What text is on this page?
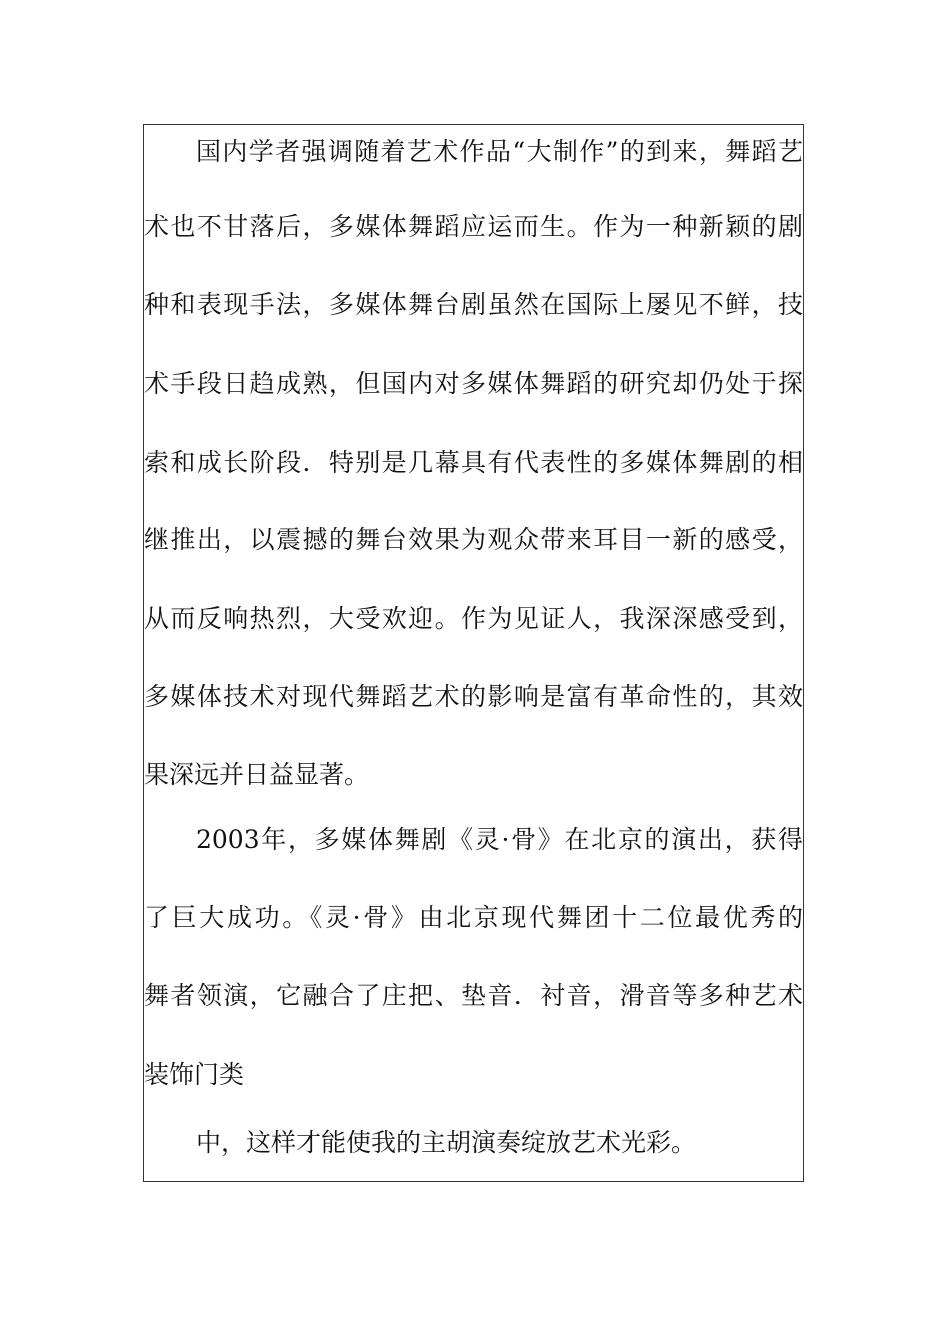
国内学者强调随着艺术作品“大制作”的到来，舞蹈艺
术也不甘落后，多媒体舞蹈应运而生。作为一种新颖的剧
种和表现手法，多媒体舞台剧虽然在国际上屡见不鲜，技
术手段日趋成熟，但国内对多媒体舞蹈的研究却仍处于探
索和成长阶段．特别是几幕具有代表性的多媒体舞剧的相
继推出，以震撼的舞台效果为观众带来耳目一新的感受，
从而反响热烈，大受欢迎。作为见证人，我深深感受到，
多媒体技术对现代舞蹈艺术的影响是富有革命性的，其效
果深远并日益显著。
2003年，多媒体舞剧《灵·骨》在北京的演出，获得
了巨大成功。《灵·骨》由北京现代舞团十二位最优秀的
舞者领演，它融合了庄把、垫音．衬音，滑音等多种艺术
装饰门类
中，这样才能使我的主胡演奏绽放艺术光彩。
